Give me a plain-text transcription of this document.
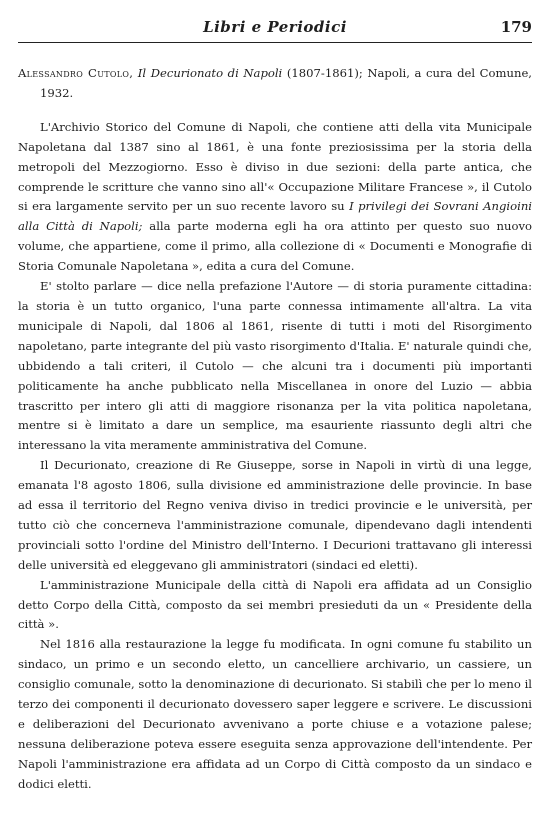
Libri e Periodici	179

Alessandro Cutolo, Il Decurionato di Napoli (1807-1861); Napoli, a cura del Comune, 1932.

L'Archivio Storico del Comune di Napoli, che contiene atti della vita Municipale Napoletana dal 1387 sino al 1861, è una fonte preziosissima per la storia della metropoli del Mezzogiorno. Esso è diviso in due sezioni: della parte antica, che comprende le scritture che vanno sino all'« Occupazione Militare Francese », il Cutolo si era largamente servito per un suo recente lavoro su I privilegi dei Sovrani Angioini alla Città di Napoli; alla parte moderna egli ha ora attinto per questo suo nuovo volume, che appartiene, come il primo, alla collezione di « Documenti e Monografie di Storia Comunale Napoletana », edita a cura del Comune.

E' stolto parlare — dice nella prefazione l'Autore — di storia puramente cittadina: la storia è un tutto organico, l'una parte connessa intimamente all'altra. La vita municipale di Napoli, dal 1806 al 1861, risente di tutti i moti del Risorgimento napoletano, parte integrante del più vasto risorgimento d'Italia. E' naturale quindi che, ubbidendo a tali criteri, il Cutolo — che alcuni tra i documenti più importanti politicamente ha anche pubblicato nella Miscellanea in onore del Luzio — abbia trascritto per intero gli atti di maggiore risonanza per la vita politica napoletana, mentre si è limitato a dare un semplice, ma esauriente riassunto degli altri che interessano la vita meramente amministrativa del Comune.

Il Decurionato, creazione di Re Giuseppe, sorse in Napoli in virtù di una legge, emanata l'8 agosto 1806, sulla divisione ed amministrazione delle provincie. In base ad essa il territorio del Regno veniva diviso in tredici provincie e le università, per tutto ciò che concerneva l'amministrazione comunale, dipendevano dagli intendenti provinciali sotto l'ordine del Ministro dell'Interno. I Decurioni trattavano gli interessi delle università ed eleggevano gli amministratori (sindaci ed eletti).

L'amministrazione Municipale della città di Napoli era affidata ad un Consiglio detto Corpo della Città, composto da sei membri presieduti da un « Presidente della città ».

Nel 1816 alla restaurazione la legge fu modificata. In ogni comune fu stabilito un sindaco, un primo e un secondo eletto, un cancelliere archivario, un cassiere, un consiglio comunale, sotto la denominazione di decurionato. Si stabilì che per lo meno il terzo dei componenti il decurionato dovessero saper leggere e scrivere. Le discussioni e deliberazioni del Decurionato avvenivano a porte chiuse e a votazione palese; nessuna deliberazione poteva essere eseguita senza approvazione dell'intendente. Per Napoli l'amministrazione era affidata ad un Corpo di Città composto da un sindaco e dodici eletti.
